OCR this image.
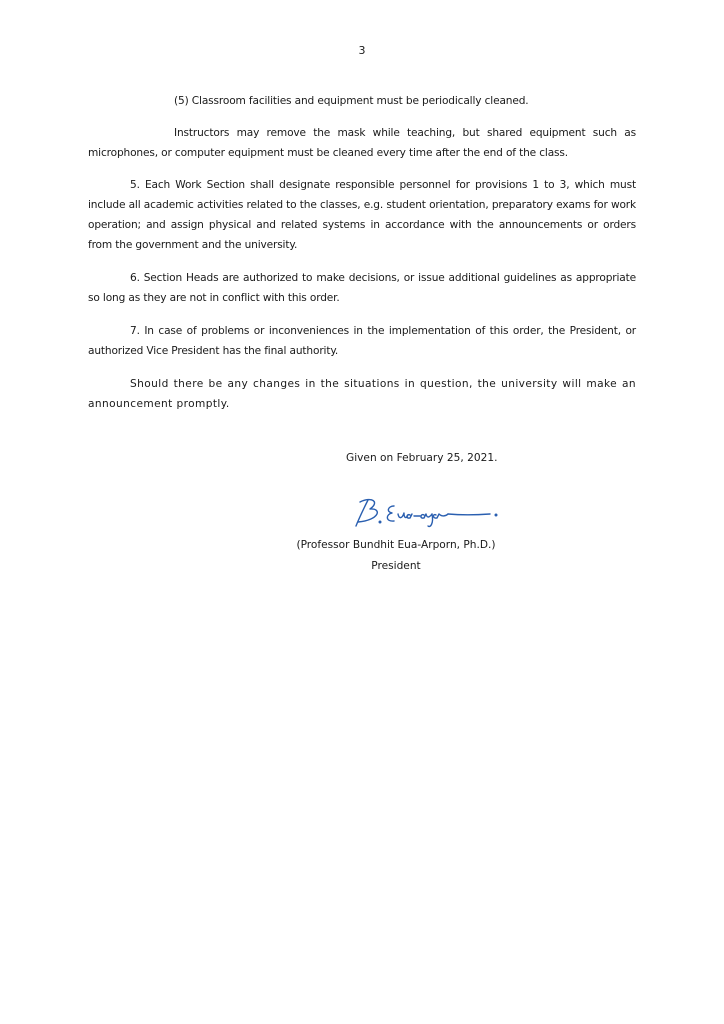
3

(5) Classroom facilities and equipment must be periodically cleaned.

Instructors may remove the mask while teaching, but shared equipment such as microphones, or computer equipment must be cleaned every time after the end of the class.

5. Each Work Section shall designate responsible personnel for provisions 1 to 3, which must include all academic activities related to the classes, e.g. student orientation, preparatory exams for work operation; and assign physical and related systems in accordance with the announcements or orders from the government and the university.

6. Section Heads are authorized to make decisions, or issue additional guidelines as appropriate so long as they are not in conflict with this order.

7. In case of problems or inconveniences in the implementation of this order, the President, or authorized Vice President has the final authority.

Should there be any changes in the situations in question, the university will make an announcement promptly.

Given on February 25, 2021.
(Professor Bundhit Eua-Arporn, Ph.D.)
President
